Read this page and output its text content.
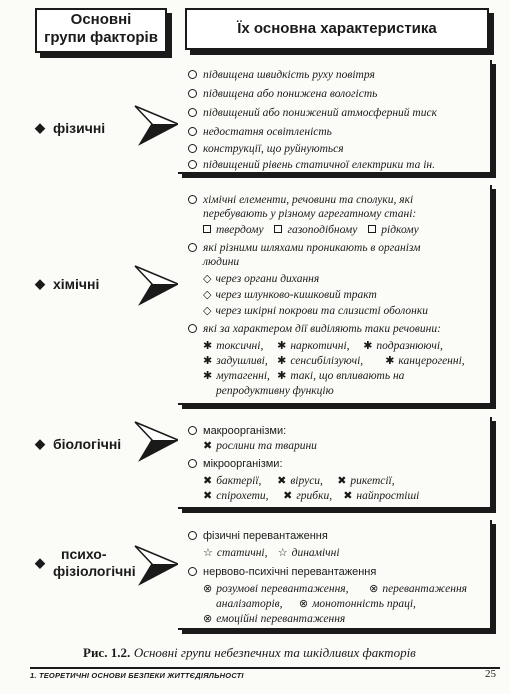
Основні
групи факторів
Їх основна характеристика
◆ фізичні
◆ хімічні
◆ біологічні
◆
психо-
фізіологічні
підвищена швидкість руху повітря
підвищена або понижена вологість
підвищений або понижений атмосферний тиск
недостатня освітленість
конструкції, що руйнуються
підвищений рівень статичної електрики та ін.
хімічні елементи, речовини та сполуки, які
перебувають у різному агрегатному стані:
твердому газоподібному рідкому
які різними шляхами проникають в організм
людини
◇ через органи дихання
◇ через шлунково-кишковий тракт
◇ через шкірні покрови та слизисті оболонки
які за характером дії виділяють таки речовини:
✱ токсичні, ✱ наркотичні, ✱ подразнюючі,
✱ задушливі, ✱ сенсибілізуючі, ✱ канцерогенні,
✱ мутагенні, ✱ такі, що впливають на
репродуктивну функцію
макроорганізми:
✖ рослини та тварини
мікроорганізми:
✖ бактерії, ✖ віруси, ✖ рикетсії,
✖ спірохети, ✖ грибки, ✖ найпростіші
фізичні перевантаження
☆ статичні, ☆ динамічні
нервово-психічні перевантаження
⊗ розумові перевантаження, ⊗ перевантаження
аналізаторів, ⊗ монотонність праці,
⊗ емоційні перевантаження
Рис. 1.2. Основні групи небезпечних та шкідливих факторів
1. ТЕОРЕТИЧНІ ОСНОВИ БЕЗПЕКИ ЖИТТЄДІЯЛЬНОСТІ	25
